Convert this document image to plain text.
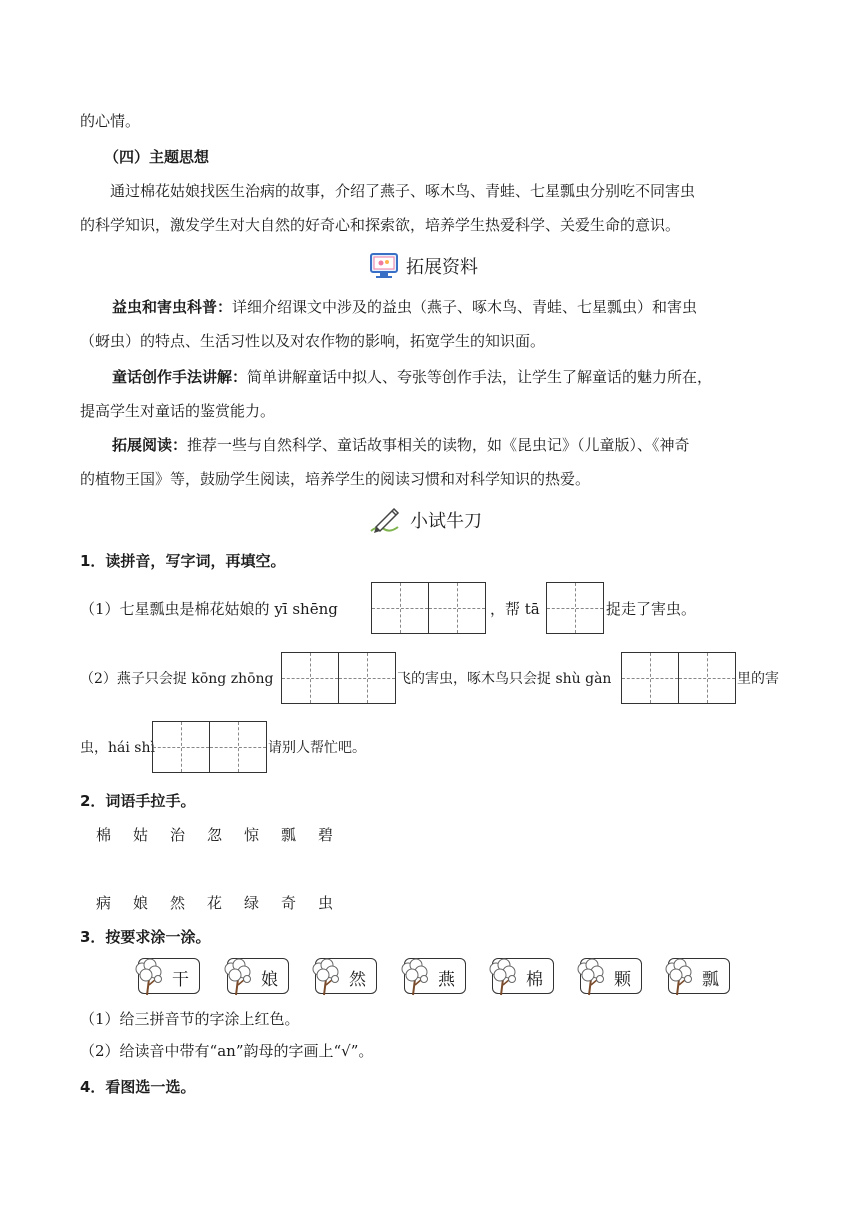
的心情。
（四）主题思想
通过棉花姑娘找医生治病的故事，介绍了燕子、啄木鸟、青蛙、七星瓢虫分别吃不同害虫
的科学知识，激发学生对大自然的好奇心和探索欲，培养学生热爱科学、关爱生命的意识。
拓展资料
益虫和害虫科普：详细介绍课文中涉及的益虫（燕子、啄木鸟、青蛙、七星瓢虫）和害虫
（蚜虫）的特点、生活习性以及对农作物的影响，拓宽学生的知识面。
童话创作手法讲解：简单讲解童话中拟人、夸张等创作手法，让学生了解童话的魅力所在，
提高学生对童话的鉴赏能力。
拓展阅读：推荐一些与自然科学、童话故事相关的读物，如《昆虫记》（儿童版）、《神奇
的植物王国》等，鼓励学生阅读，培养学生的阅读习惯和对科学知识的热爱。
小试牛刀
1．读拼音，写字词，再填空。
（1）七星瓢虫是棉花姑娘的 yī shēng	，帮 tā	捉走了害虫。
（2）燕子只会捉 kōng zhōng	飞的害虫，啄木鸟只会捉 shù gàn	里的害
虫，hái shì	请别人帮忙吧。
2．词语手拉手。
棉 姑 治 忽 惊 瓢 碧
病 娘 然 花 绿 奇 虫
3．按要求涂一涂。
干	娘	然	燕	棉	颗	瓢
（1）给三拼音节的字涂上红色。
（2）给读音中带有“an”韵母的字画上“√”。
4．看图选一选。
